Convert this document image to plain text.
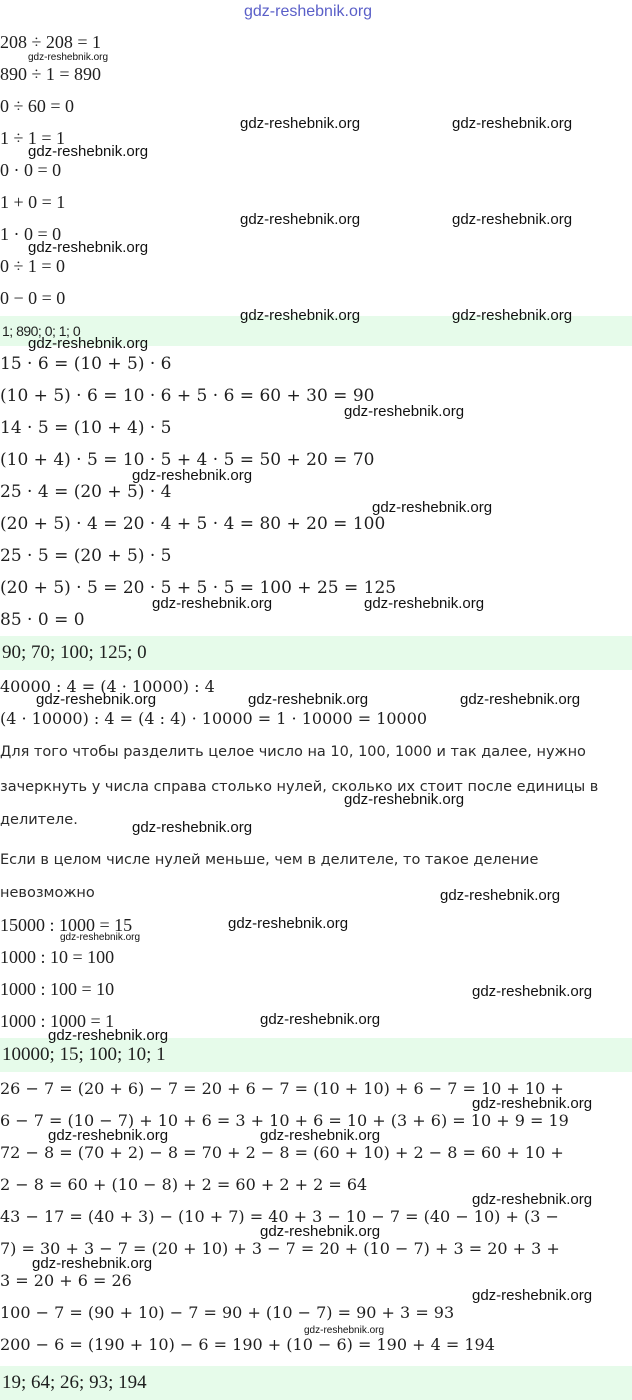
gdz-reshebnik.org
208 ÷ 208 = 1
890 ÷ 1 = 890
0 ÷ 60 = 0
1 ÷ 1 = 1
0 · 0 = 0
1 + 0 = 1
1 · 0 = 0
0 ÷ 1 = 0
0 − 0 = 0
1; 890; 0; 1; 0
15 · 6 = (10 + 5) · 6
(10 + 5) · 6 = 10 · 6 + 5 · 6 = 60 + 30 = 90
14 · 5 = (10 + 4) · 5
(10 + 4) · 5 = 10 · 5 + 4 · 5 = 50 + 20 = 70
25 · 4 = (20 + 5) · 4
(20 + 5) · 4 = 20 · 4 + 5 · 4 = 80 + 20 = 100
25 · 5 = (20 + 5) · 5
(20 + 5) · 5 = 20 · 5 + 5 · 5 = 100 + 25 = 125
85 · 0 = 0
90; 70; 100; 125; 0
40000 : 4 = (4 · 10000) : 4
(4 · 10000) : 4 = (4 : 4) · 10000 = 1 · 10000 = 10000
Для того чтобы разделить целое число на 10, 100, 1000 и так далее, нужно
зачеркнуть у числа справа столько нулей, сколько их стоит после единицы в
делителе.
Если в целом числе нулей меньше, чем в делителе, то такое деление
невозможно
15000 : 1000 = 15
1000 : 10 = 100
1000 : 100 = 10
1000 : 1000 = 1
10000; 15; 100; 10; 1
26 − 7 = (20 + 6) − 7 = 20 + 6 − 7 = (10 + 10) + 6 − 7 = 10 + 10 +
6 − 7 = (10 − 7) + 10 + 6 = 3 + 10 + 6 = 10 + (3 + 6) = 10 + 9 = 19
72 − 8 = (70 + 2) − 8 = 70 + 2 − 8 = (60 + 10) + 2 − 8 = 60 + 10 +
2 − 8 = 60 + (10 − 8) + 2 = 60 + 2 + 2 = 64
43 − 17 = (40 + 3) − (10 + 7) = 40 + 3 − 10 − 7 = (40 − 10) + (3 −
7) = 30 + 3 − 7 = (20 + 10) + 3 − 7 = 20 + (10 − 7) + 3 = 20 + 3 +
3 = 20 + 6 = 26
100 − 7 = (90 + 10) − 7 = 90 + (10 − 7) = 90 + 3 = 93
200 − 6 = (190 + 10) − 6 = 190 + (10 − 6) = 190 + 4 = 194
19; 64; 26; 93; 194
gdz-reshebnik.org
gdz-reshebnik.org	gdz-reshebnik.org
gdz-reshebnik.org
gdz-reshebnik.org	gdz-reshebnik.org
gdz-reshebnik.org
gdz-reshebnik.org	gdz-reshebnik.org
gdz-reshebnik.org
gdz-reshebnik.org
gdz-reshebnik.org
gdz-reshebnik.org
gdz-reshebnik.org	gdz-reshebnik.org
gdz-reshebnik.org	gdz-reshebnik.org	gdz-reshebnik.org
gdz-reshebnik.org
gdz-reshebnik.org
gdz-reshebnik.org
gdz-reshebnik.org
gdz-reshebnik.org
gdz-reshebnik.org
gdz-reshebnik.org
gdz-reshebnik.org
gdz-reshebnik.org
gdz-reshebnik.org	gdz-reshebnik.org
gdz-reshebnik.org
gdz-reshebnik.org
gdz-reshebnik.org
gdz-reshebnik.org
gdz-reshebnik.org
